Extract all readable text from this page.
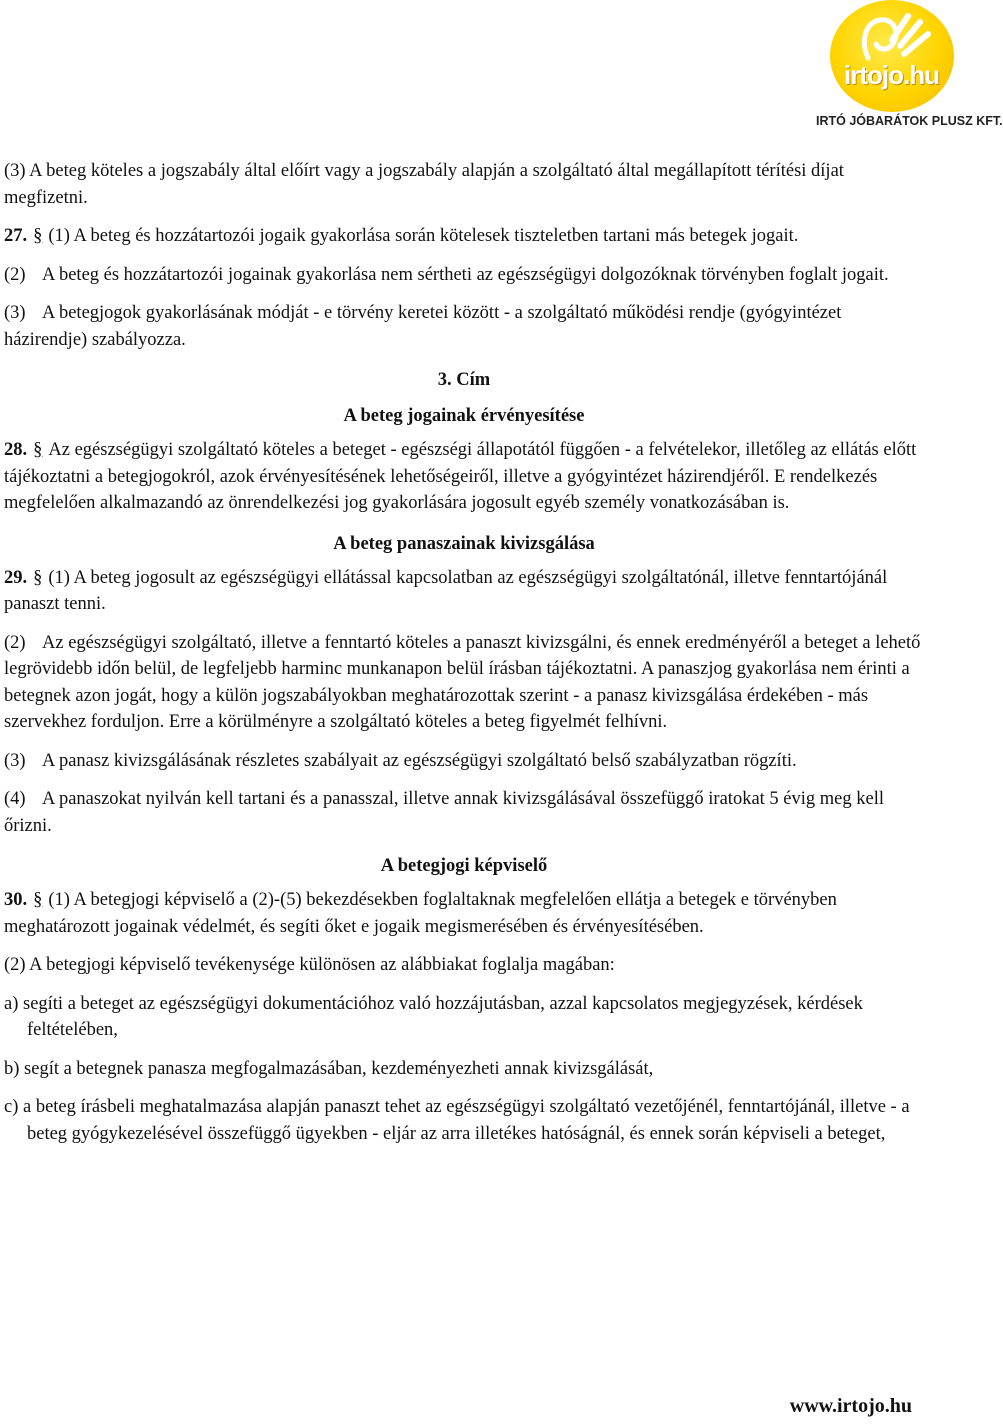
irtojo.hu
IRTÓ JÓBARÁTOK PLUSZ KFT.

(3) A beteg köteles a jogszabály által előírt vagy a jogszabály alapján a szolgáltató által megállapított térítési díjat megfizetni.

27. § (1) A beteg és hozzátartozói jogaik gyakorlása során kötelesek tiszteletben tartani más betegek jogait.

(2) A beteg és hozzátartozói jogainak gyakorlása nem sértheti az egészségügyi dolgozóknak törvényben foglalt jogait.

(3) A betegjogok gyakorlásának módját - e törvény keretei között - a szolgáltató működési rendje (gyógyintézet házirendje) szabályozza.

3. Cím
A beteg jogainak érvényesítése

28. § Az egészségügyi szolgáltató köteles a beteget - egészségi állapotától függően - a felvételekor, illetőleg az ellátás előtt tájékoztatni a betegjogokról, azok érvényesítésének lehetőségeiről, illetve a gyógyintézet házirendjéről. E rendelkezés megfelelően alkalmazandó az önrendelkezési jog gyakorlására jogosult egyéb személy vonatkozásában is.

A beteg panaszainak kivizsgálása

29. § (1) A beteg jogosult az egészségügyi ellátással kapcsolatban az egészségügyi szolgáltatónál, illetve fenntartójánál panaszt tenni.

(2) Az egészségügyi szolgáltató, illetve a fenntartó köteles a panaszt kivizsgálni, és ennek eredményéről a beteget a lehető legrövidebb időn belül, de legfeljebb harminc munkanapon belül írásban tájékoztatni. A panaszjog gyakorlása nem érinti a betegnek azon jogát, hogy a külön jogszabályokban meghatározottak szerint - a panasz kivizsgálása érdekében - más szervekhez forduljon. Erre a körülményre a szolgáltató köteles a beteg figyelmét felhívni.

(3) A panasz kivizsgálásának részletes szabályait az egészségügyi szolgáltató belső szabályzatban rögzíti.

(4) A panaszokat nyilván kell tartani és a panasszal, illetve annak kivizsgálásával összefüggő iratokat 5 évig meg kell őrizni.

A betegjogi képviselő

30. § (1) A betegjogi képviselő a (2)-(5) bekezdésekben foglaltaknak megfelelően ellátja a betegek e törvényben meghatározott jogainak védelmét, és segíti őket e jogaik megismerésében és érvényesítésében.

(2) A betegjogi képviselő tevékenysége különösen az alábbiakat foglalja magában:

a) segíti a beteget az egészségügyi dokumentációhoz való hozzájutásban, azzal kapcsolatos megjegyzések, kérdések feltételében,

b) segít a betegnek panasza megfogalmazásában, kezdeményezheti annak kivizsgálását,

c) a beteg írásbeli meghatalmazása alapján panaszt tehet az egészségügyi szolgáltató vezetőjénél, fenntartójánál, illetve - a beteg gyógykezelésével összefüggő ügyekben - eljár az arra illetékes hatóságnál, és ennek során képviseli a beteget,

www.irtojo.hu
